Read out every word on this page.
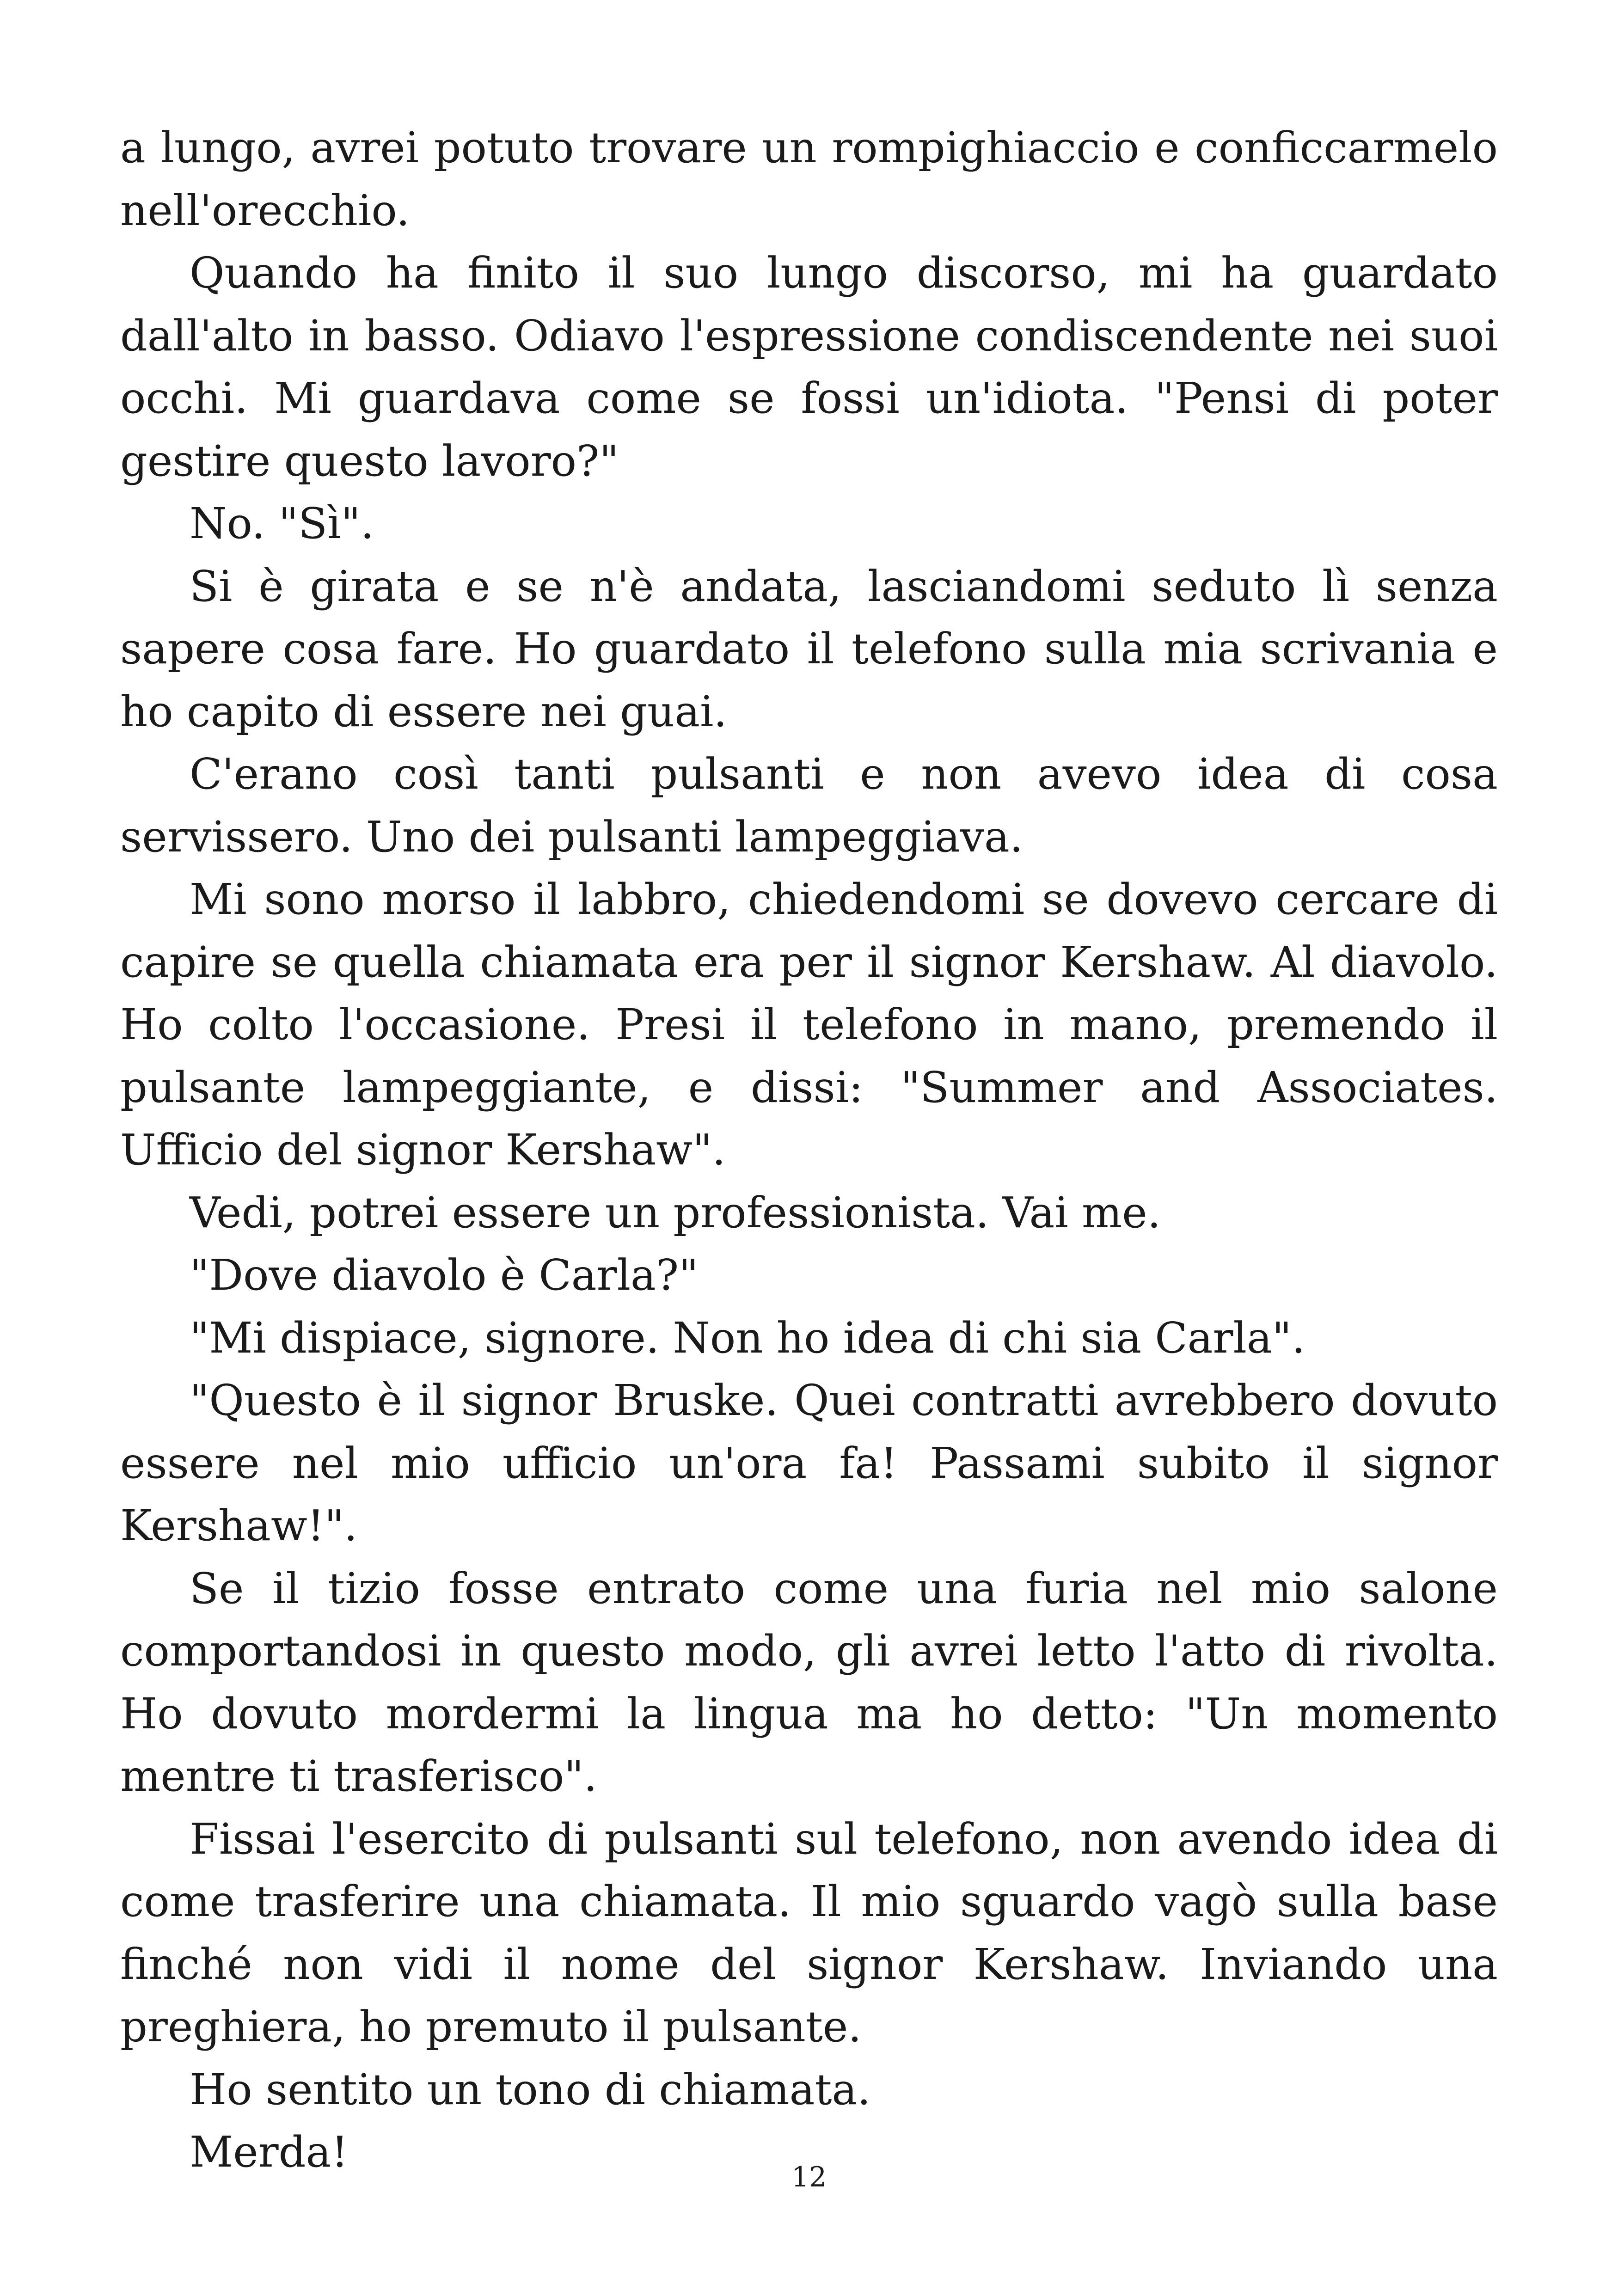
a lungo, avrei potuto trovare un rompighiaccio e conficcarmelo nell'orecchio.

Quando ha finito il suo lungo discorso, mi ha guardato dall'alto in basso. Odiavo l'espressione condiscendente nei suoi occhi. Mi guardava come se fossi un'idiota. "Pensi di poter gestire questo lavoro?"

No. "Sì".

Si è girata e se n'è andata, lasciandomi seduto lì senza sapere cosa fare. Ho guardato il telefono sulla mia scrivania e ho capito di essere nei guai.

C'erano così tanti pulsanti e non avevo idea di cosa servissero. Uno dei pulsanti lampeggiava.

Mi sono morso il labbro, chiedendomi se dovevo cercare di capire se quella chiamata era per il signor Kershaw. Al diavolo. Ho colto l'occasione. Presi il telefono in mano, premendo il pulsante lampeggiante, e dissi: "Summer and Associates. Ufficio del signor Kershaw".

Vedi, potrei essere un professionista. Vai me.

"Dove diavolo è Carla?"

"Mi dispiace, signore. Non ho idea di chi sia Carla".

"Questo è il signor Bruske. Quei contratti avrebbero dovuto essere nel mio ufficio un'ora fa! Passami subito il signor Kershaw!".

Se il tizio fosse entrato come una furia nel mio salone comportandosi in questo modo, gli avrei letto l'atto di rivolta. Ho dovuto mordermi la lingua ma ho detto: "Un momento mentre ti trasferisco".

Fissai l'esercito di pulsanti sul telefono, non avendo idea di come trasferire una chiamata. Il mio sguardo vagò sulla base finché non vidi il nome del signor Kershaw. Inviando una preghiera, ho premuto il pulsante.

Ho sentito un tono di chiamata.

Merda!

12
